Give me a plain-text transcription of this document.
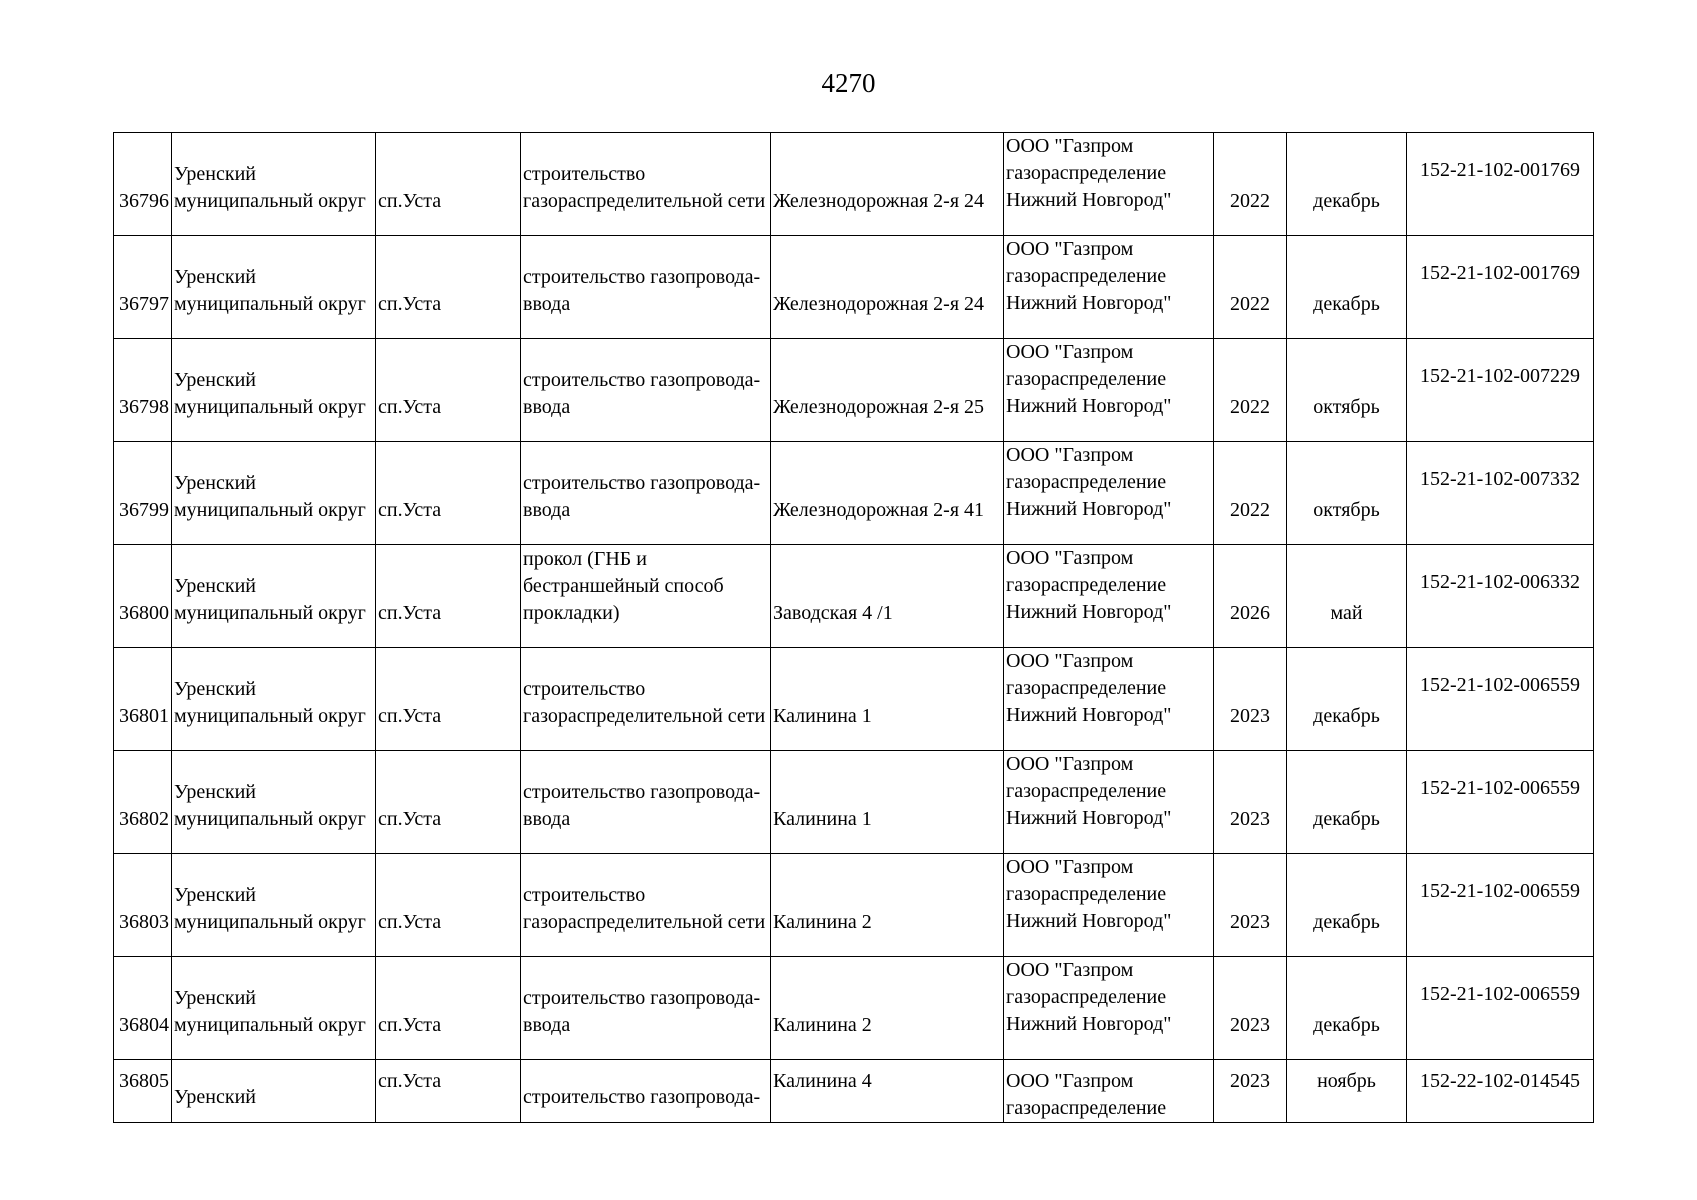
4270
36796	Уренский
муниципальный округ	сп.Уста	строительство
газораспределительной сети	Железнодорожная 2-я 24	ООО "Газпром
газораспределение
Нижний Новгород"	2022	декабрь	152-21-102-001769
36797	Уренский
муниципальный округ	сп.Уста	строительство газопровода-
ввода	Железнодорожная 2-я 24	ООО "Газпром
газораспределение
Нижний Новгород"	2022	декабрь	152-21-102-001769
36798	Уренский
муниципальный округ	сп.Уста	строительство газопровода-
ввода	Железнодорожная 2-я 25	ООО "Газпром
газораспределение
Нижний Новгород"	2022	октябрь	152-21-102-007229
36799	Уренский
муниципальный округ	сп.Уста	строительство газопровода-
ввода	Железнодорожная 2-я 41	ООО "Газпром
газораспределение
Нижний Новгород"	2022	октябрь	152-21-102-007332
36800	Уренский
муниципальный округ	сп.Уста	прокол (ГНБ и
бестраншейный способ
прокладки)	Заводская 4 /1	ООО "Газпром
газораспределение
Нижний Новгород"	2026	май	152-21-102-006332
36801	Уренский
муниципальный округ	сп.Уста	строительство
газораспределительной сети	Калинина 1	ООО "Газпром
газораспределение
Нижний Новгород"	2023	декабрь	152-21-102-006559
36802	Уренский
муниципальный округ	сп.Уста	строительство газопровода-
ввода	Калинина 1	ООО "Газпром
газораспределение
Нижний Новгород"	2023	декабрь	152-21-102-006559
36803	Уренский
муниципальный округ	сп.Уста	строительство
газораспределительной сети	Калинина 2	ООО "Газпром
газораспределение
Нижний Новгород"	2023	декабрь	152-21-102-006559
36804	Уренский
муниципальный округ	сп.Уста	строительство газопровода-
ввода	Калинина 2	ООО "Газпром
газораспределение
Нижний Новгород"	2023	декабрь	152-21-102-006559
36805	Уренский	сп.Уста	строительство газопровода-	Калинина 4	ООО "Газпром
газораспределение	2023	ноябрь	152-22-102-014545
